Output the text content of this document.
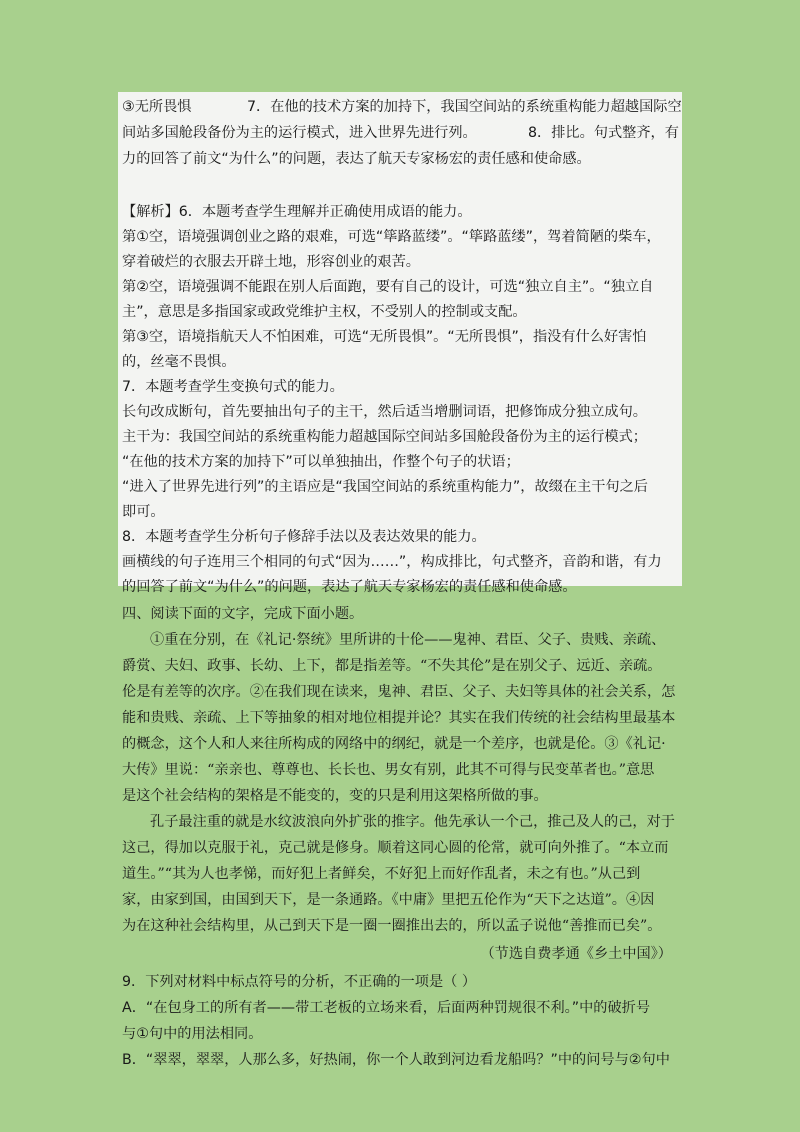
③无所畏惧	7．在他的技术方案的加持下，我国空间站的系统重构能力超越国际空
间站多国舱段备份为主的运行模式，进入世界先进行列。	8．排比。句式整齐，有
力的回答了前文“为什么”的问题，表达了航天专家杨宏的责任感和使命感。
【解析】6．本题考查学生理解并正确使用成语的能力。
第①空，语境强调创业之路的艰难，可选“筚路蓝缕”。“筚路蓝缕”，驾着简陋的柴车，
穿着破烂的衣服去开辟土地，形容创业的艰苦。
第②空，语境强调不能跟在别人后面跑，要有自己的设计，可选“独立自主”。“独立自
主”，意思是多指国家或政党维护主权，不受别人的控制或支配。
第③空，语境指航天人不怕困难，可选“无所畏惧”。“无所畏惧”，指没有什么好害怕
的，丝毫不畏惧。
7．本题考查学生变换句式的能力。
长句改成断句，首先要抽出句子的主干，然后适当增删词语，把修饰成分独立成句。
主干为：我国空间站的系统重构能力超越国际空间站多国舱段备份为主的运行模式；
“在他的技术方案的加持下”可以单独抽出，作整个句子的状语；
“进入了世界先进行列”的主语应是“我国空间站的系统重构能力”，故缀在主干句之后
即可。
8．本题考查学生分析句子修辞手法以及表达效果的能力。
画横线的句子连用三个相同的句式“因为……”，构成排比，句式整齐，音韵和谐，有力
的回答了前文“为什么”的问题，表达了航天专家杨宏的责任感和使命感。
四、阅读下面的文字，完成下面小题。
①重在分别，在《礼记·祭统》里所讲的十伦——鬼神、君臣、父子、贵贱、亲疏、
爵赏、夫妇、政事、长幼、上下，都是指差等。“不失其伦”是在别父子、远近、亲疏。
伦是有差等的次序。②在我们现在读来，鬼神、君臣、父子、夫妇等具体的社会关系，怎
能和贵贱、亲疏、上下等抽象的相对地位相提并论？其实在我们传统的社会结构里最基本
的概念，这个人和人来往所构成的网络中的纲纪，就是一个差序，也就是伦。③《礼记·
大传》里说：“亲亲也、尊尊也、长长也、男女有别，此其不可得与民变革者也。”意思
是这个社会结构的架格是不能变的，变的只是利用这架格所做的事。
孔子最注重的就是水纹波浪向外扩张的推字。他先承认一个己，推己及人的己，对于
这己，得加以克服于礼，克己就是修身。顺着这同心圆的伦常，就可向外推了。“本立而
道生。”“其为人也孝悌，而好犯上者鲜矣，不好犯上而好作乱者，未之有也。”从己到
家，由家到国，由国到天下，是一条通路。《中庸》里把五伦作为“天下之达道”。④因
为在这种社会结构里，从己到天下是一圈一圈推出去的，所以孟子说他“善推而已矣”。
（节选自费孝通《乡土中国》）
9．下列对材料中标点符号的分析，不正确的一项是（ ）
A．“在包身工的所有者——带工老板的立场来看，后面两种罚规很不利。”中的破折号
与①句中的用法相同。
B．“翠翠，翠翠，人那么多，好热闹，你一个人敢到河边看龙船吗？”中的问号与②句中
